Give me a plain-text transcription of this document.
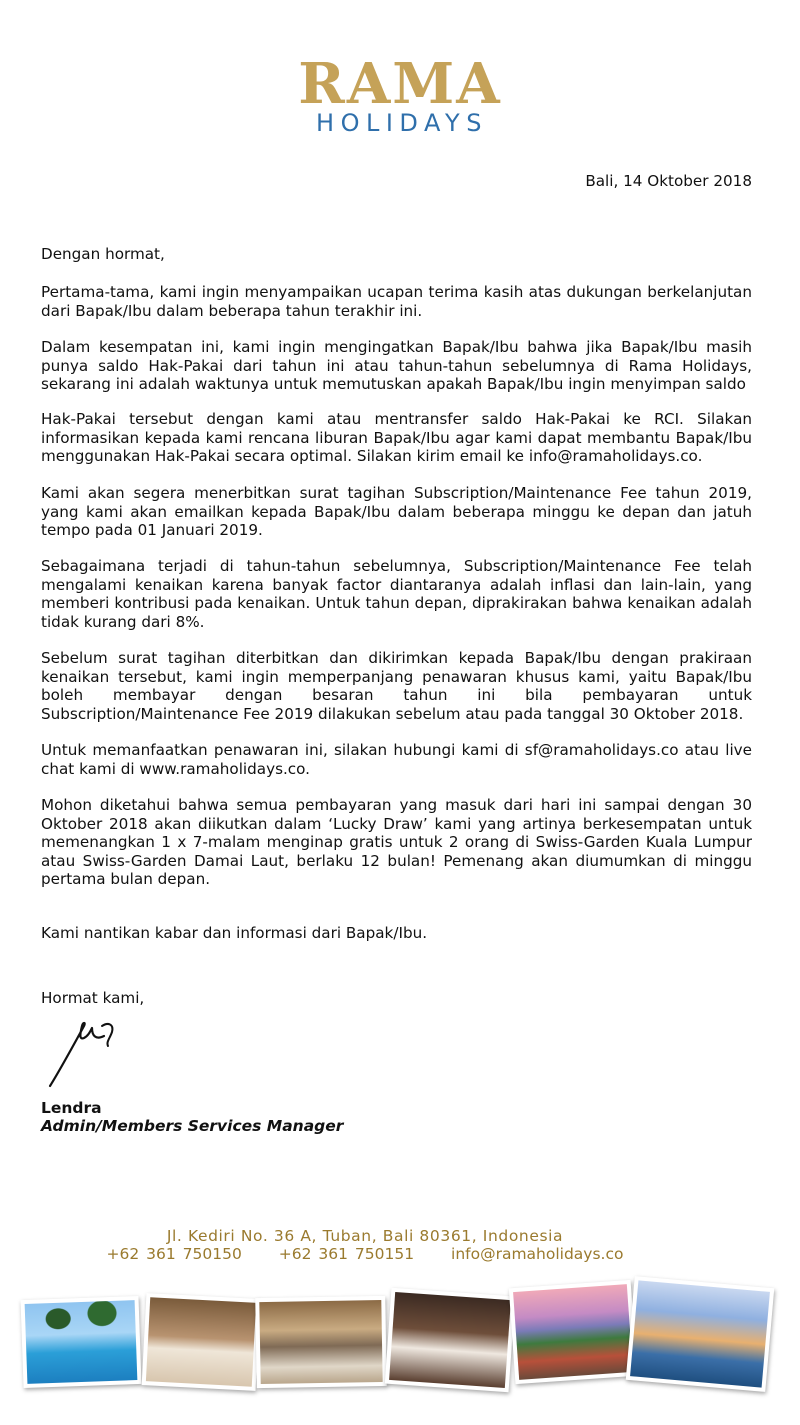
RAMA
HOLIDAYS
Bali, 14 Oktober 2018

Dengan hormat,

Pertama-tama, kami ingin menyampaikan ucapan terima kasih atas dukungan berkelanjutan dari Bapak/Ibu dalam beberapa tahun terakhir ini.

Dalam kesempatan ini, kami ingin mengingatkan Bapak/Ibu bahwa jika Bapak/Ibu masih punya saldo Hak-Pakai dari tahun ini atau tahun-tahun sebelumnya di Rama Holidays, sekarang ini adalah waktunya untuk memutuskan apakah Bapak/Ibu ingin menyimpan saldo

Hak-Pakai tersebut dengan kami atau mentransfer saldo Hak-Pakai ke RCI. Silakan informasikan kepada kami rencana liburan Bapak/Ibu agar kami dapat membantu Bapak/Ibu menggunakan Hak-Pakai secara optimal. Silakan kirim email ke info@ramaholidays.co.

Kami akan segera menerbitkan surat tagihan Subscription/Maintenance Fee tahun 2019, yang kami akan emailkan kepada Bapak/Ibu dalam beberapa minggu ke depan dan jatuh tempo pada 01 Januari 2019.

Sebagaimana terjadi di tahun-tahun sebelumnya, Subscription/Maintenance Fee telah mengalami kenaikan karena banyak factor diantaranya adalah inflasi dan lain-lain, yang memberi kontribusi pada kenaikan. Untuk tahun depan, diprakirakan bahwa kenaikan adalah tidak kurang dari 8%.

Sebelum surat tagihan diterbitkan dan dikirimkan kepada Bapak/Ibu dengan prakiraan kenaikan tersebut, kami ingin memperpanjang penawaran khusus kami, yaitu Bapak/Ibu boleh membayar dengan besaran tahun ini bila pembayaran untuk Subscription/Maintenance Fee 2019 dilakukan sebelum atau pada tanggal 30 Oktober 2018.

Untuk memanfaatkan penawaran ini, silakan hubungi kami di sf@ramaholidays.co atau live chat kami di www.ramaholidays.co.

Mohon diketahui bahwa semua pembayaran yang masuk dari hari ini sampai dengan 30 Oktober 2018 akan diikutkan dalam ‘Lucky Draw’ kami yang artinya berkesempatan untuk memenangkan 1 x 7-malam menginap gratis untuk 2 orang di Swiss-Garden Kuala Lumpur atau Swiss-Garden Damai Laut, berlaku 12 bulan! Pemenang akan diumumkan di minggu pertama bulan depan.

Kami nantikan kabar dan informasi dari Bapak/Ibu.

Hormat kami,

Lendra
Admin/Members Services Manager
Jl. Kediri No. 36 A, Tuban, Bali 80361, Indonesia
+62 361 750150 +62 361 750151 info@ramaholidays.co
